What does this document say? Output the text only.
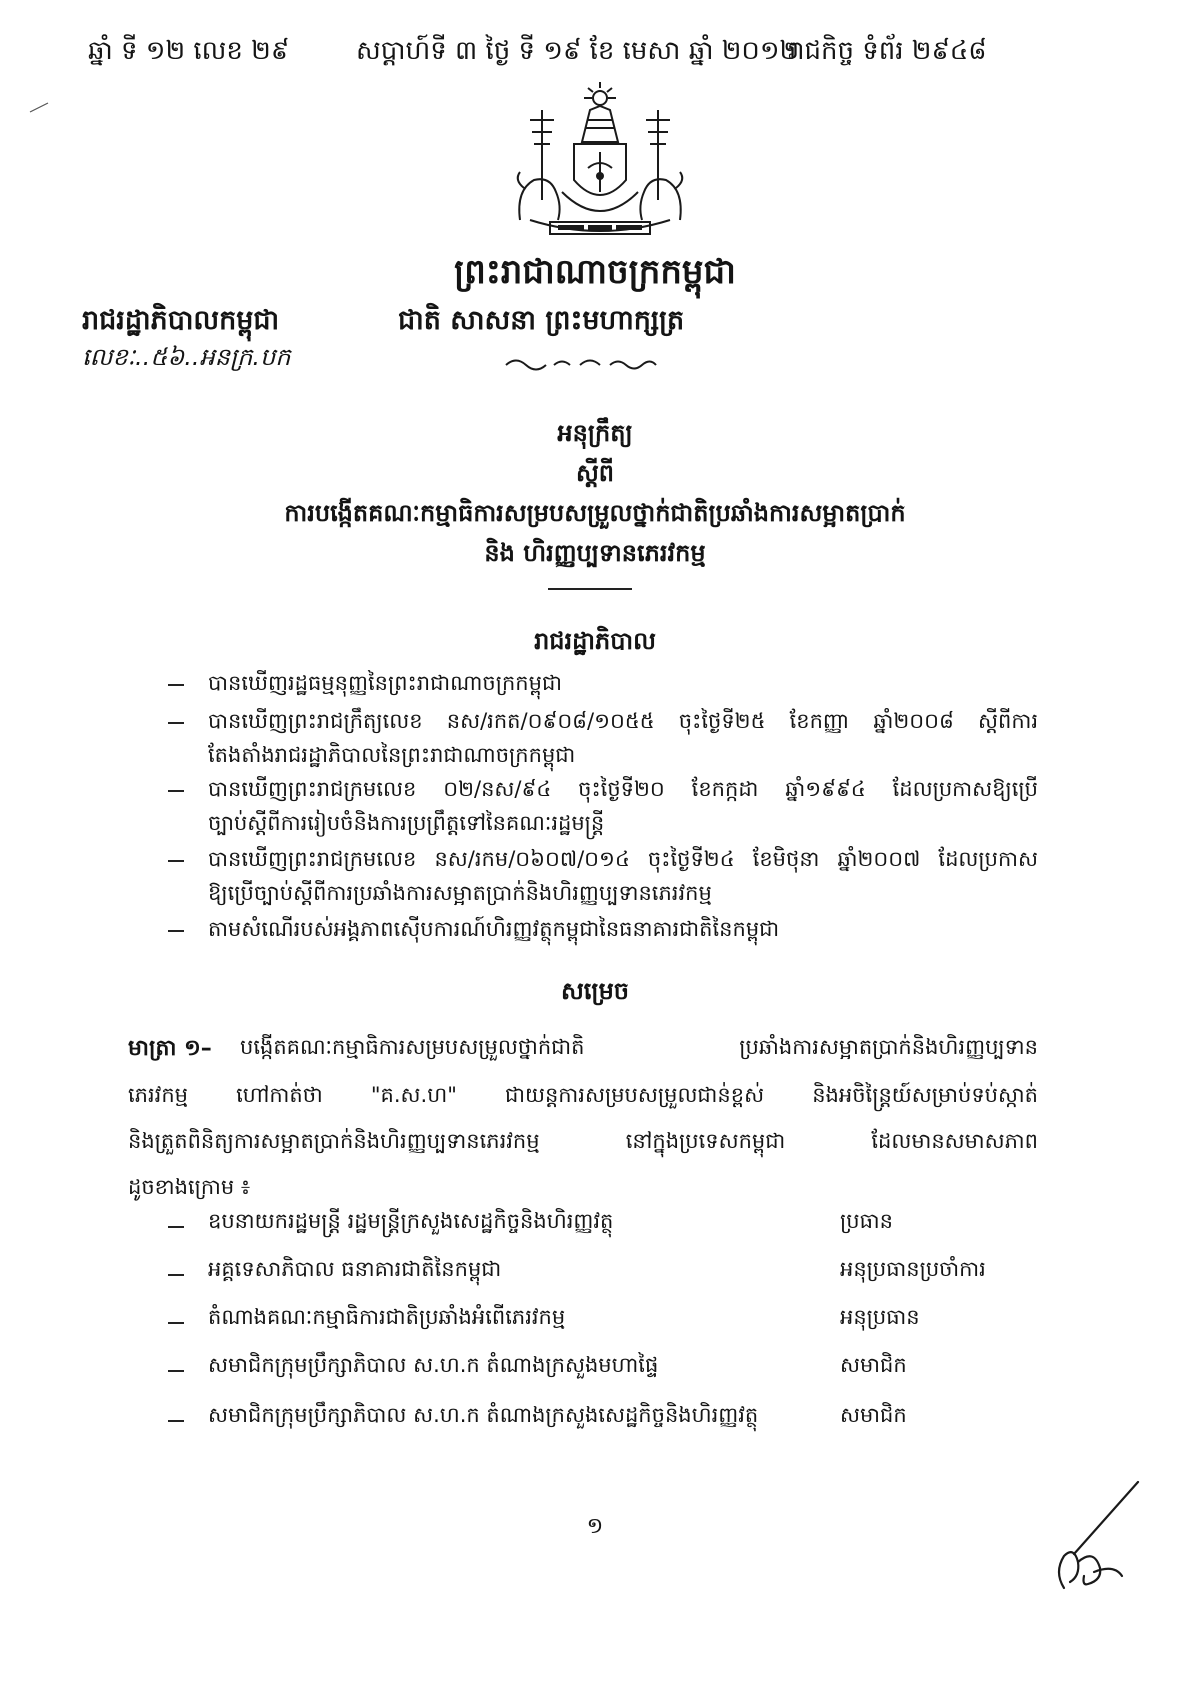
ឆ្នាំ ទី ១២ លេខ ២៩	សប្តាហ៍ទី ៣ ថ្ងៃ ទី ១៩ ខែ មេសា ឆ្នាំ ២០១២
រាជកិច្ច ទំព័រ ២៩៤៨
ព្រះរាជាណាចក្រកម្ពុជា
រាជរដ្ឋាភិបាលកម្ពុជា	ជាតិ សាសនា ព្រះមហាក្សត្រ
លេខៈ..៥៦..អនក្រ.បក
អនុក្រឹត្យ
ស្តីពី
ការបង្កើតគណៈកម្មាធិការសម្របសម្រួលថ្នាក់ជាតិប្រឆាំងការសម្អាតប្រាក់
និង ហិរញ្ញប្បទានភេរវកម្ម
រាជរដ្ឋាភិបាល
បានឃើញរដ្ឋធម្មនុញ្ញនៃព្រះរាជាណាចក្រកម្ពុជា
បានឃើញព្រះរាជក្រឹត្យលេខ នស/រកត/០៩០៨/១០៥៥ ចុះថ្ងៃទី២៥ ខែកញ្ញា ឆ្នាំ២០០៨ ស្តីពីការ
តែងតាំងរាជរដ្ឋាភិបាលនៃព្រះរាជាណាចក្រកម្ពុជា
បានឃើញព្រះរាជក្រមលេខ ០២/នស/៩៤ ចុះថ្ងៃទី២០ ខែកក្កដា ឆ្នាំ១៩៩៤ ដែលប្រកាសឱ្យប្រើ
ច្បាប់ស្តីពីការរៀបចំនិងការប្រព្រឹត្តទៅនៃគណៈរដ្ឋមន្ត្រី
បានឃើញព្រះរាជក្រមលេខ នស/រកម/០៦០៧/០១៤ ចុះថ្ងៃទី២៤ ខែមិថុនា ឆ្នាំ២០០៧ ដែលប្រកាស
ឱ្យប្រើច្បាប់ស្តីពីការប្រឆាំងការសម្អាតប្រាក់និងហិរញ្ញប្បទានភេរវកម្ម
តាមសំណើរបស់អង្គភាពស៊ើបការណ៍ហិរញ្ញវត្ថុកម្ពុជានៃធនាគារជាតិនៃកម្ពុជា
សម្រេច
មាត្រា ១– បង្កើតគណៈកម្មាធិការសម្របសម្រួលថ្នាក់ជាតិ ប្រឆាំងការសម្អាតប្រាក់និងហិរញ្ញប្បទាន
ភេរវកម្ម ហៅកាត់ថា "គ.ស.ហ" ជាយន្តការសម្របសម្រួលជាន់ខ្ពស់ និងអចិន្ត្រៃយ៍សម្រាប់ទប់ស្កាត់
និងត្រួតពិនិត្យការសម្អាតប្រាក់និងហិរញ្ញប្បទានភេរវកម្ម នៅក្នុងប្រទេសកម្ពុជា ដែលមានសមាសភាព
ដូចខាងក្រោម ៖
ឧបនាយករដ្ឋមន្ត្រី រដ្ឋមន្ត្រីក្រសួងសេដ្ឋកិច្ចនិងហិរញ្ញវត្ថុ	ប្រធាន
អគ្គទេសាភិបាល ធនាគារជាតិនៃកម្ពុជា	អនុប្រធានប្រចាំការ
តំណាងគណៈកម្មាធិការជាតិប្រឆាំងអំពើភេរវកម្ម	អនុប្រធាន
សមាជិកក្រុមប្រឹក្សាភិបាល ស.ហ.ក តំណាងក្រសួងមហាផ្ទៃ	សមាជិក
សមាជិកក្រុមប្រឹក្សាភិបាល ស.ហ.ក តំណាងក្រសួងសេដ្ឋកិច្ចនិងហិរញ្ញវត្ថុ	សមាជិក
១
